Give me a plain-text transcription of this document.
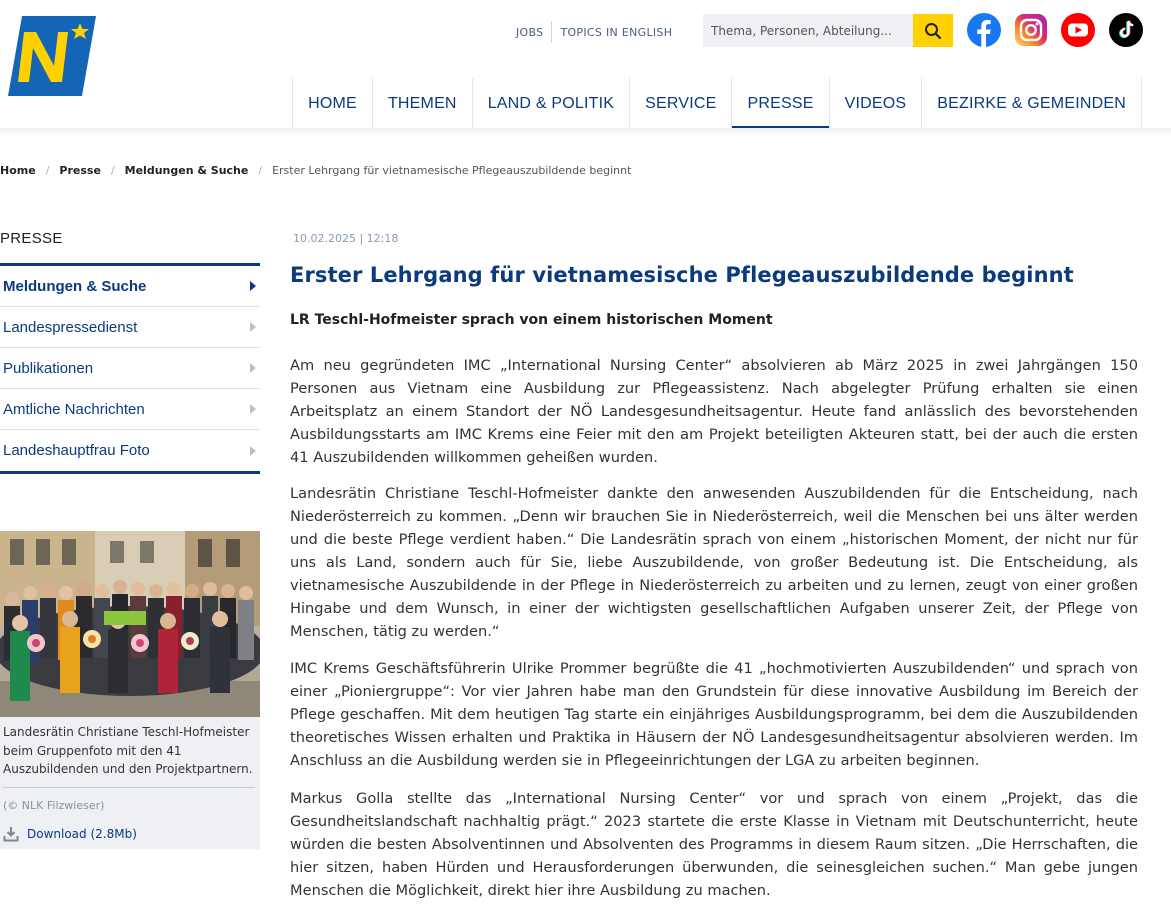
JOBS	TOPICS IN ENGLISH
Thema, Personen, Abteilung...
HOME	THEMEN	LAND & POLITIK	SERVICE	PRESSE	VIDEOS	BEZIRKE & GEMEINDEN
Home / Presse / Meldungen & Suche / Erster Lehrgang für vietnamesische Pflegeauszubildende beginnt
PRESSE
Meldungen & Suche
Landespressedienst
Publikationen
Amtliche Nachrichten
Landeshauptfrau Foto
Landesrätin Christiane Teschl-Hofmeister beim Gruppenfoto mit den 41 Auszubildenden und den Projektpartnern.
(© NLK Filzwieser)
Download (2.8Mb)
10.02.2025 | 12:18
Erster Lehrgang für vietnamesische Pflegeauszubildende beginnt
LR Teschl-Hofmeister sprach von einem historischen Moment

Am neu gegründeten IMC „International Nursing Center“ absolvieren ab März 2025 in zwei Jahrgängen 150 Personen aus Vietnam eine Ausbildung zur Pflegeassistenz. Nach abgelegter Prüfung erhalten sie einen Arbeitsplatz an einem Standort der NÖ Landesgesundheitsagentur. Heute fand anlässlich des bevorstehenden Ausbildungsstarts am IMC Krems eine Feier mit den am Projekt beteiligten Akteuren statt, bei der auch die ersten 41 Auszubildenden willkommen geheißen wurden.

Landesrätin Christiane Teschl-Hofmeister dankte den anwesenden Auszubildenden für die Entscheidung, nach Niederösterreich zu kommen. „Denn wir brauchen Sie in Niederösterreich, weil die Menschen bei uns älter werden und die beste Pflege verdient haben.“ Die Landesrätin sprach von einem „historischen Moment, der nicht nur für uns als Land, sondern auch für Sie, liebe Auszubildende, von großer Bedeutung ist. Die Entscheidung, als vietnamesische Auszubildende in der Pflege in Niederösterreich zu arbeiten und zu lernen, zeugt von einer großen Hingabe und dem Wunsch, in einer der wichtigsten gesellschaftlichen Aufgaben unserer Zeit, der Pflege von Menschen, tätig zu werden.“

IMC Krems Geschäftsführerin Ulrike Prommer begrüßte die 41 „hochmotivierten Auszubildenden“ und sprach von einer „Pioniergruppe“: Vor vier Jahren habe man den Grundstein für diese innovative Ausbildung im Bereich der Pflege geschaffen. Mit dem heutigen Tag starte ein einjähriges Ausbildungsprogramm, bei dem die Auszubildenden theoretisches Wissen erhalten und Praktika in Häusern der NÖ Landesgesundheitsagentur absolvieren werden. Im Anschluss an die Ausbildung werden sie in Pflegeeinrichtungen der LGA zu arbeiten beginnen.

Markus Golla stellte das „International Nursing Center“ vor und sprach von einem „Projekt, das die Gesundheitslandschaft nachhaltig prägt.“ 2023 startete die erste Klasse in Vietnam mit Deutschunterricht, heute würden die besten Absolventinnen und Absolventen des Programms in diesem Raum sitzen. „Die Herrschaften, die hier sitzen, haben Hürden und Herausforderungen überwunden, die seinesgleichen suchen.“ Man gebe jungen Menschen die Möglichkeit, direkt hier ihre Ausbildung zu machen.
